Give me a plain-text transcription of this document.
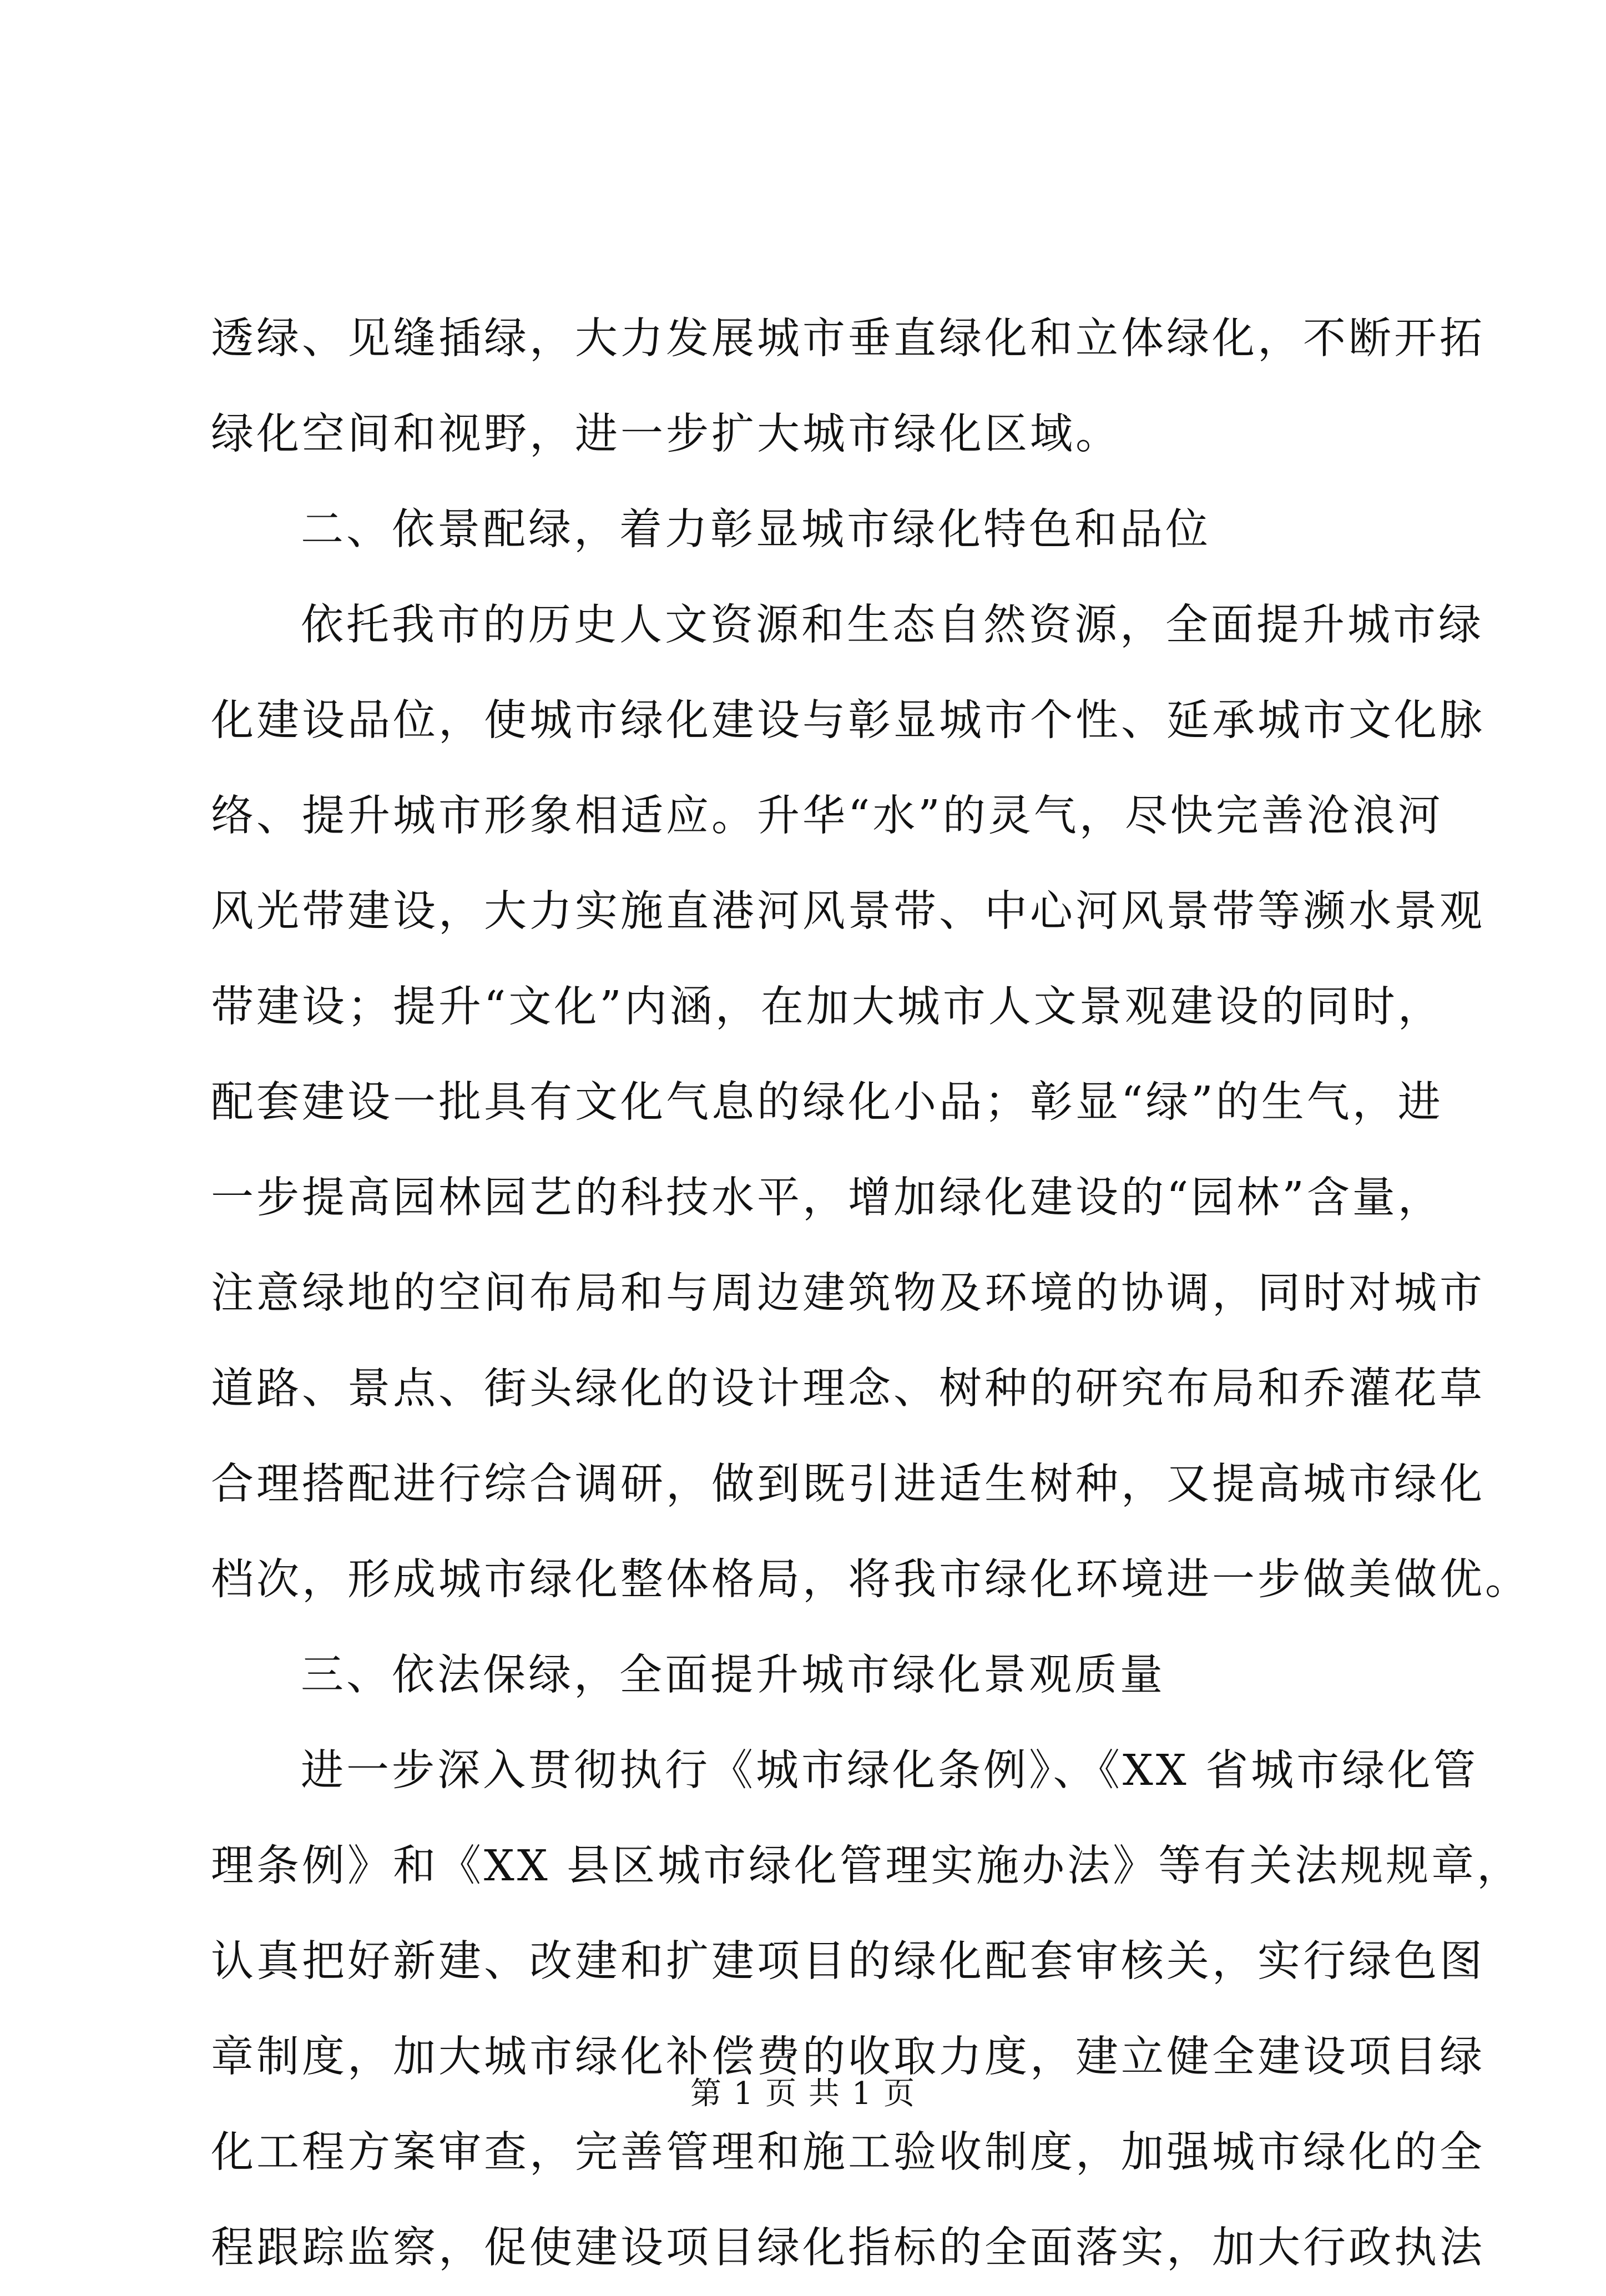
透绿、见缝插绿，大力发展城市垂直绿化和立体绿化，不断开拓
绿化空间和视野，进一步扩大城市绿化区域。
二、依景配绿，着力彰显城市绿化特色和品位
依托我市的历史人文资源和生态自然资源，全面提升城市绿
化建设品位，使城市绿化建设与彰显城市个性、延承城市文化脉
络、提升城市形象相适应。升华“水”的灵气，尽快完善沧浪河
风光带建设，大力实施直港河风景带、中心河风景带等濒水景观
带建设；提升“文化”内涵，在加大城市人文景观建设的同时，
配套建设一批具有文化气息的绿化小品；彰显“绿”的生气，进
一步提高园林园艺的科技水平，增加绿化建设的“园林”含量，
注意绿地的空间布局和与周边建筑物及环境的协调，同时对城市
道路、景点、街头绿化的设计理念、树种的研究布局和乔灌花草
合理搭配进行综合调研，做到既引进适生树种，又提高城市绿化
档次，形成城市绿化整体格局，将我市绿化环境进一步做美做优。
三、依法保绿，全面提升城市绿化景观质量
进一步深入贯彻执行《城市绿化条例》、《XX 省城市绿化管
理条例》和《XX 县区城市绿化管理实施办法》等有关法规规章，
认真把好新建、改建和扩建项目的绿化配套审核关，实行绿色图
章制度，加大城市绿化补偿费的收取力度，建立健全建设项目绿
化工程方案审查，完善管理和施工验收制度，加强城市绿化的全
程跟踪监察，促使建设项目绿化指标的全面落实，加大行政执法
第 1 页 共 1 页
